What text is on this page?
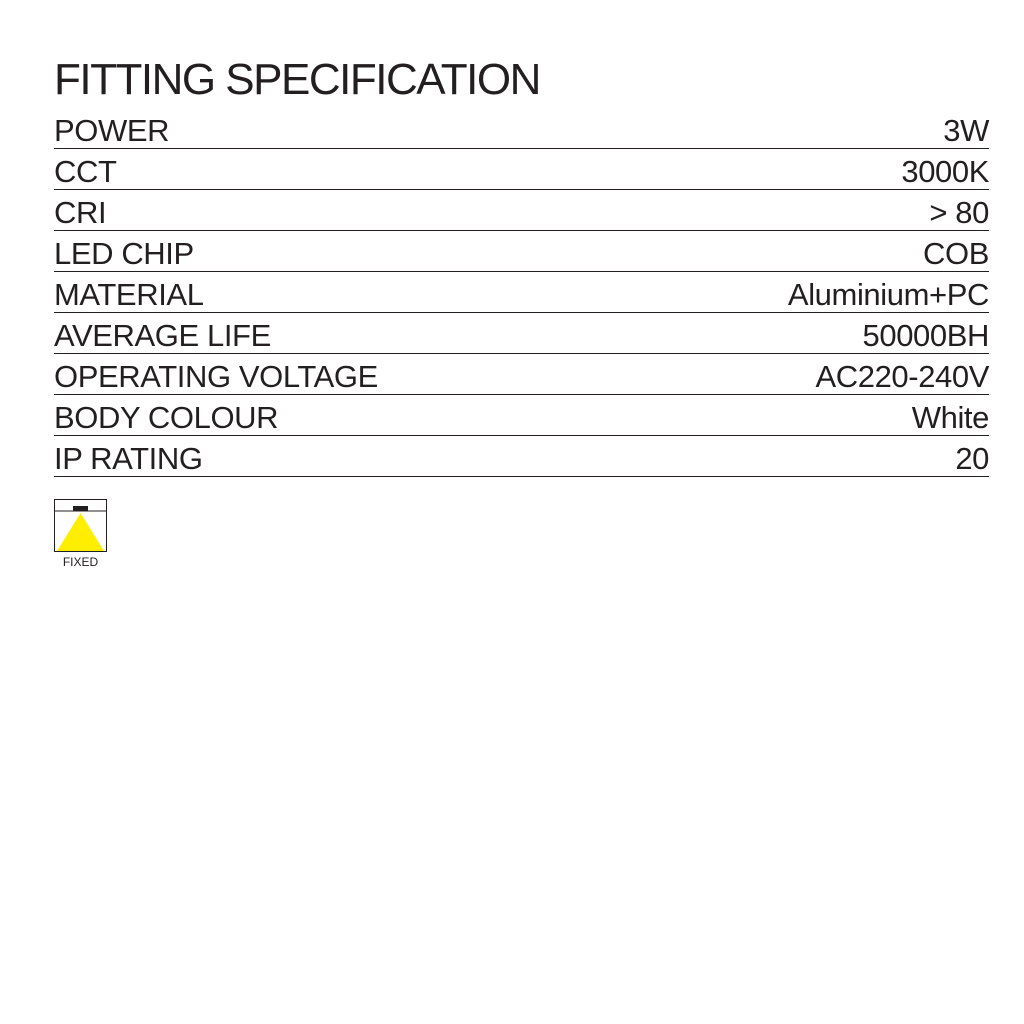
FITTING SPECIFICATION
POWER	3W
CCT	3000K
CRI	> 80
LED CHIP	COB
MATERIAL	Aluminium+PC
AVERAGE LIFE	50000BH
OPERATING VOLTAGE	AC220-240V
BODY COLOUR	White
IP RATING	20
FIXED
